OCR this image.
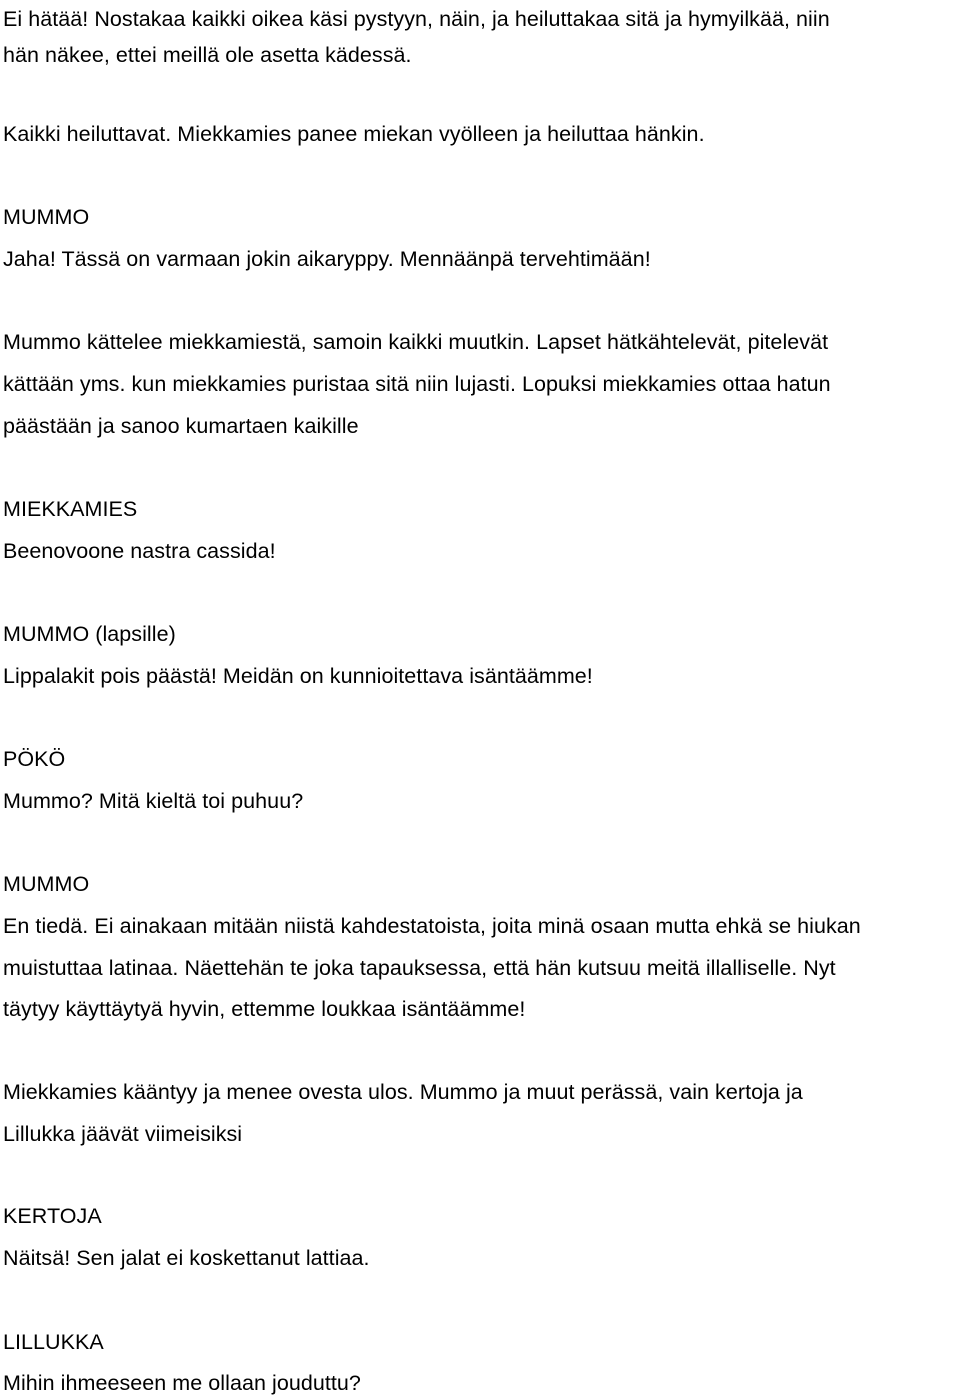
Ei hätää! Nostakaa kaikki oikea käsi pystyyn, näin, ja heiluttakaa sitä ja hymyilkää, niin
hän näkee, ettei meillä ole asetta kädessä.
Kaikki heiluttavat. Miekkamies panee miekan vyölleen ja heiluttaa hänkin.
MUMMO
Jaha! Tässä on varmaan jokin aikaryppy. Mennäänpä tervehtimään!
Mummo kättelee miekkamiestä, samoin kaikki muutkin. Lapset hätkähtelevät, pitelevät
kättään yms. kun miekkamies puristaa sitä niin lujasti. Lopuksi miekkamies ottaa hatun
päästään ja sanoo kumartaen kaikille
MIEKKAMIES
Beenovoone nastra cassida!
MUMMO (lapsille)
Lippalakit pois päästä! Meidän on kunnioitettava isäntäämme!
PÖKÖ
Mummo? Mitä kieltä toi puhuu?
MUMMO
En tiedä. Ei ainakaan mitään niistä kahdestatoista, joita minä osaan mutta ehkä se hiukan
muistuttaa latinaa. Näettehän te joka tapauksessa, että hän kutsuu meitä illalliselle. Nyt
täytyy käyttäytyä hyvin, ettemme loukkaa isäntäämme!
Miekkamies kääntyy ja menee ovesta ulos. Mummo ja muut perässä, vain kertoja ja
Lillukka jäävät viimeisiksi
KERTOJA
Näitsä! Sen jalat ei koskettanut lattiaa.
LILLUKKA
Mihin ihmeeseen me ollaan jouduttu?
